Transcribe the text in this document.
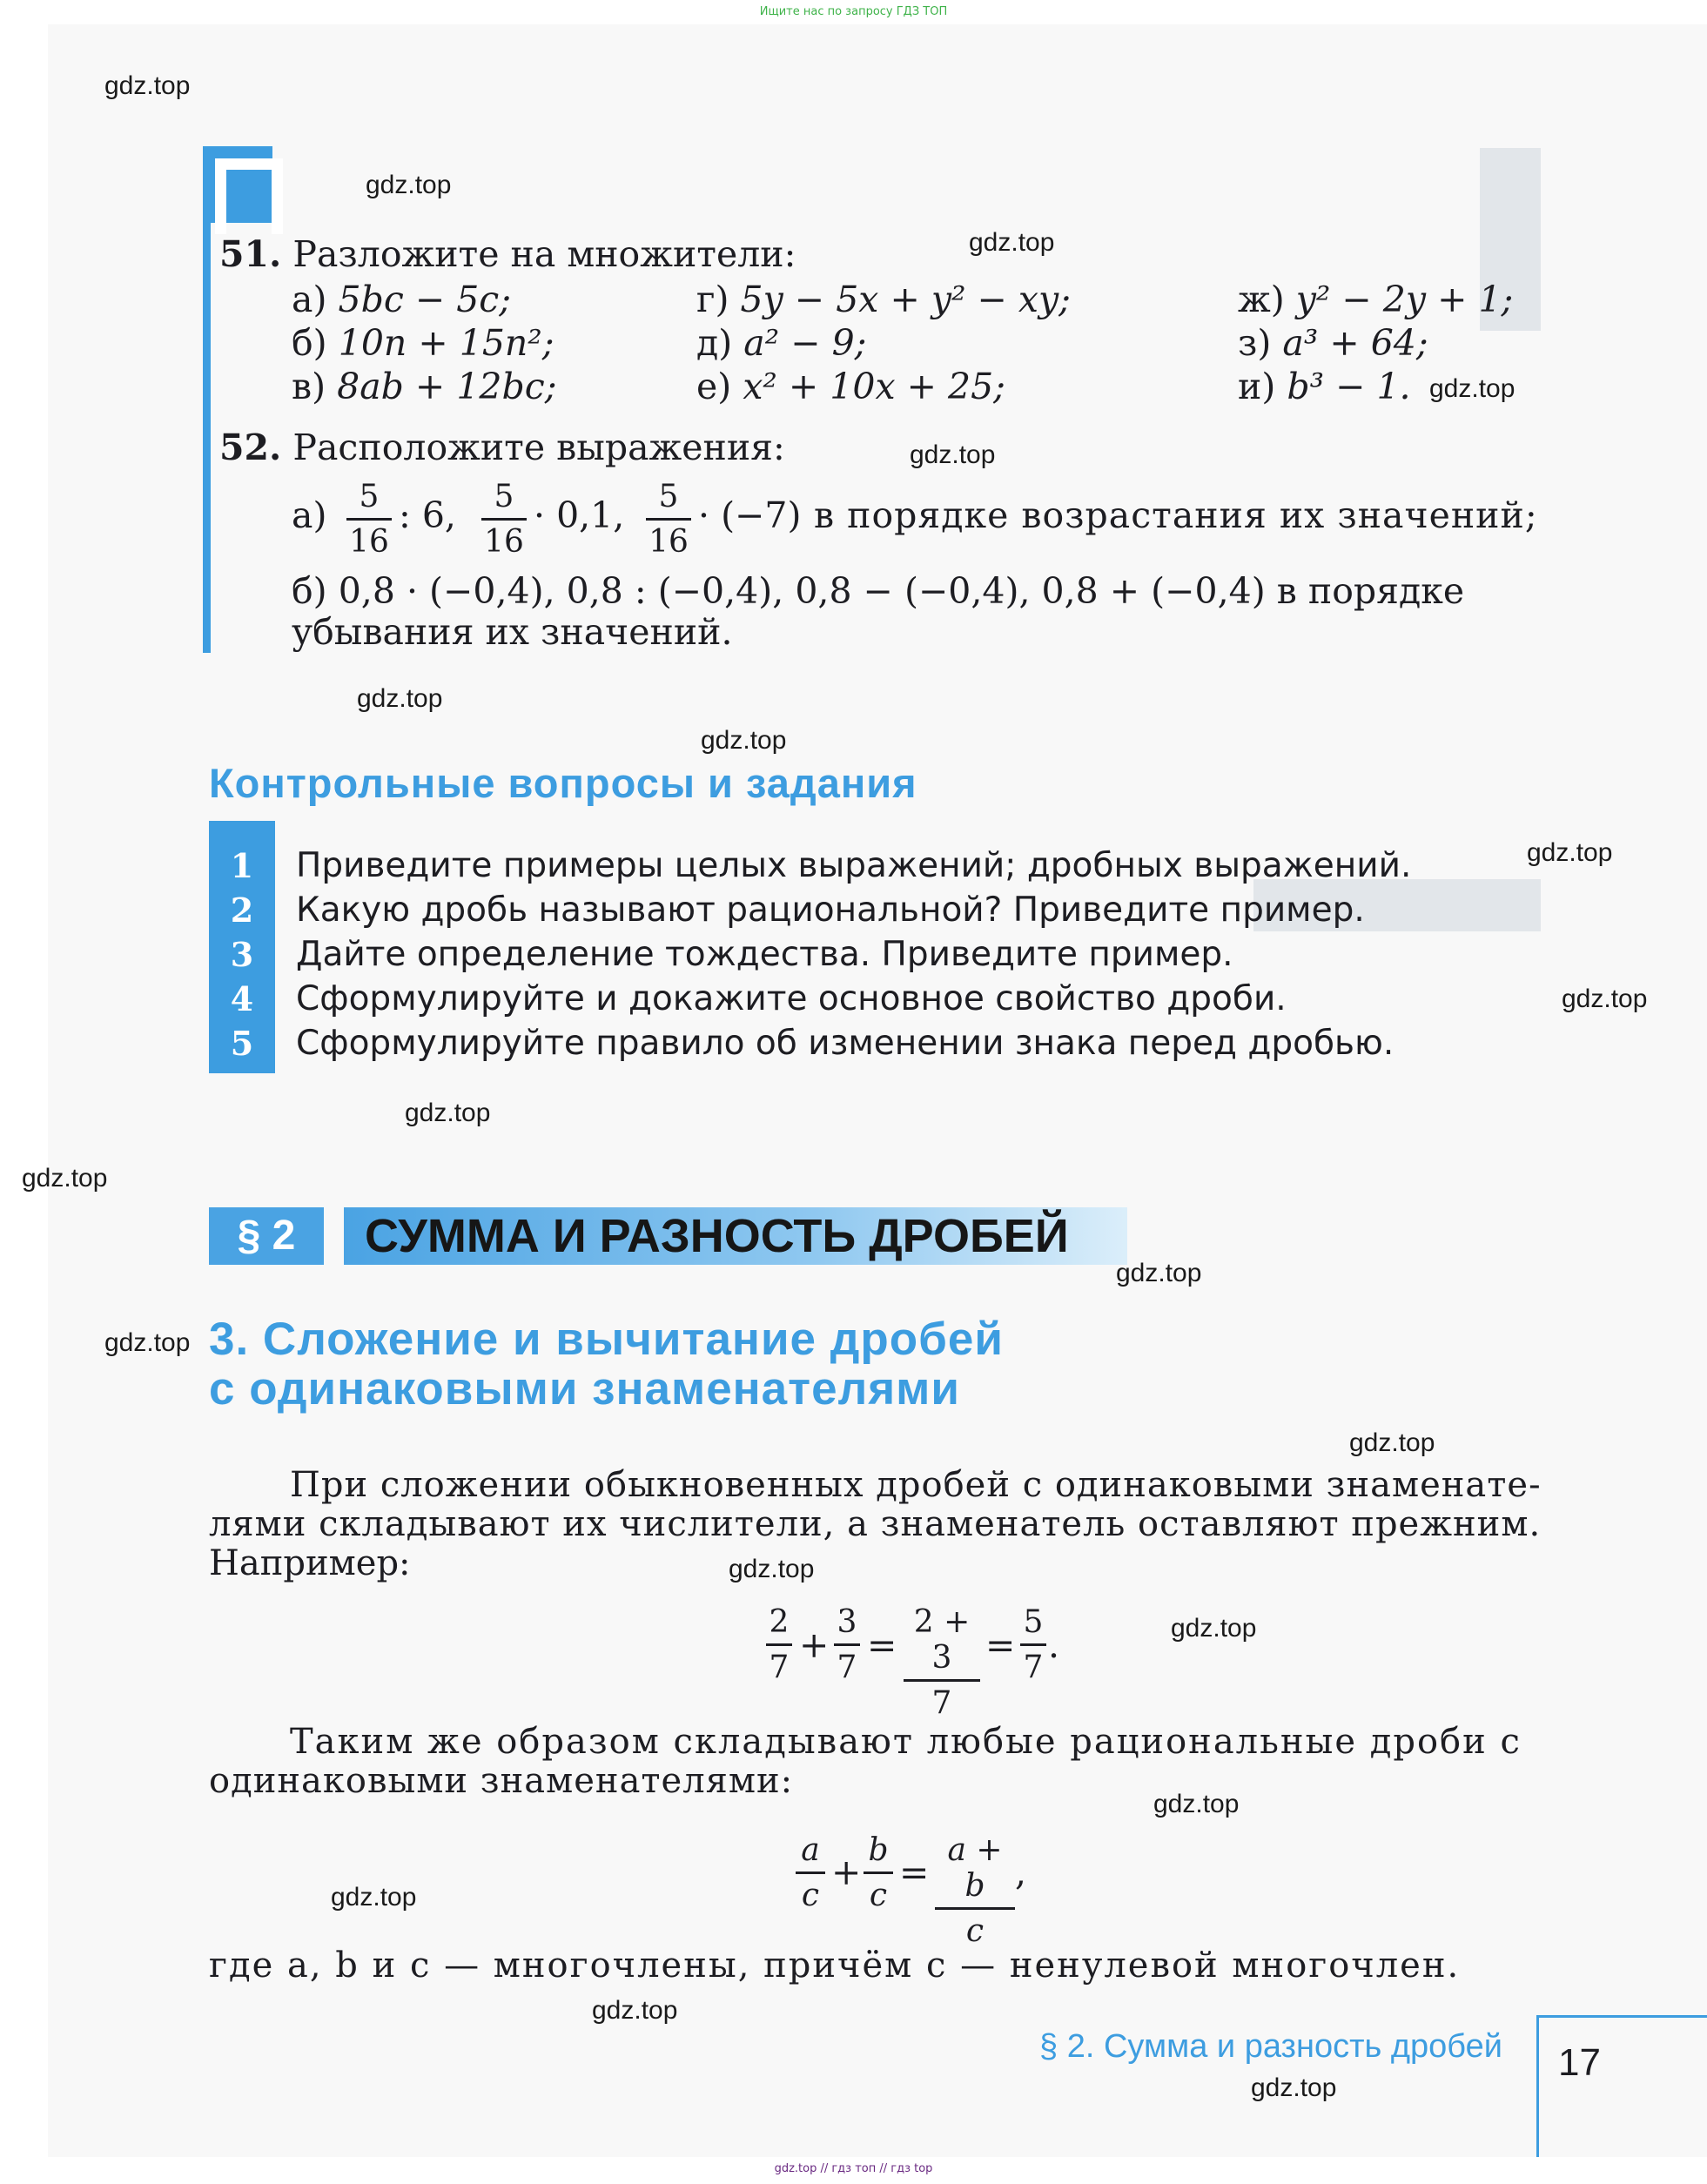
Ищите нас по запросу ГДЗ ТОП
51. Разложите на множители:
а) 5bc − 5c;	г) 5y − 5x + y² − xy;	ж) y² − 2y + 1;
б) 10n + 15n²;	д) a² − 9;	з) a³ + 64;
в) 8ab + 12bc;	е) x² + 10x + 25;	и) b³ − 1.
52. Расположите выражения:
а)	5
16
: 6,	5
16
· 0,1,	5
16
· (−7) в порядке возрастания их значений;
б) 0,8 · (−0,4), 0,8 : (−0,4), 0,8 − (−0,4), 0,8 + (−0,4) в порядке
убывания их значений.
Контрольные вопросы и задания
1	Приведите примеры целых выражений; дробных выражений.
2	Какую дробь называют рациональной? Приведите пример.
3	Дайте определение тождества. Приведите пример.
4	Сформулируйте и докажите основное свойство дроби.
5	Сформулируйте правило об изменении знака перед дробью.
§ 2	СУММА И РАЗНОСТЬ ДРОБЕЙ
3. Сложение и вычитание дробей
с одинаковыми знаменателями
При сложении обыкновенных дробей с одинаковыми знаменате-
лями складывают их числители, а знаменатель оставляют прежним.
Например:
2
7
+
3
7
=
2 + 3
7
=
5
7
.
Таким же образом складывают любые рациональные дроби с
одинаковыми знаменателями:
a
c
+
b
c
=
a + b
c
,
где a, b и c — многочлены, причём c — ненулевой многочлен.
§ 2. Сумма и разность дробей 17
gdz.top
gdz.top
gdz.top
gdz.top
gdz.top
gdz.top
gdz.top
gdz.top
gdz.top
gdz.top
gdz.top
gdz.top
gdz.top
gdz.top
gdz.top
gdz.top
gdz.top
gdz.top
gdz.top
gdz.top
gdz.top // гдз топ // гдз top
